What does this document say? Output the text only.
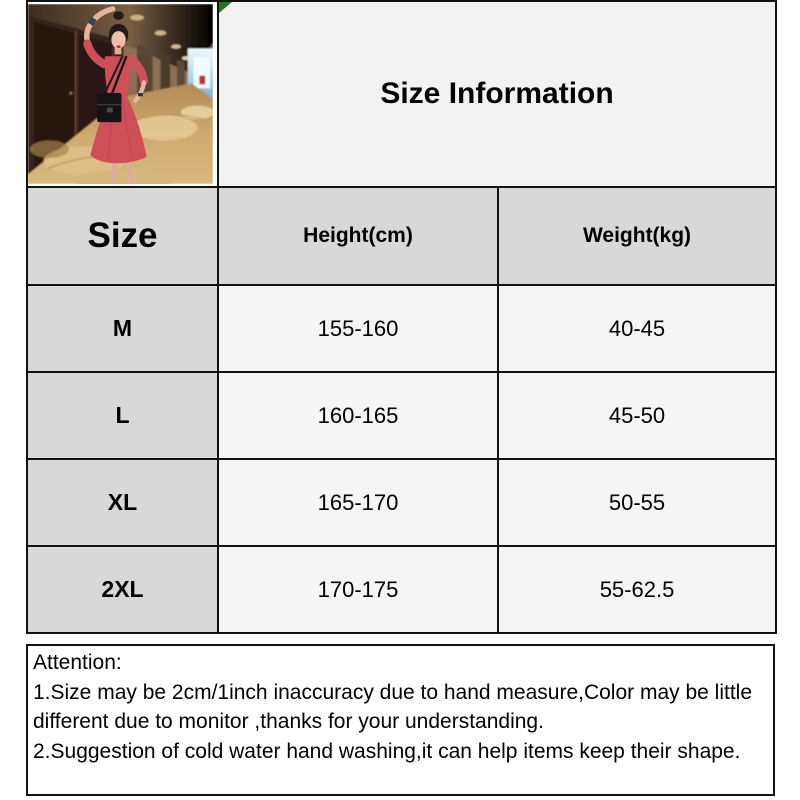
Size Information	
Size	Height(cm)	Weight(kg)
M	155-160	40-45
L	160-165	45-50
XL	165-170	50-55
2XL	170-175	55-62.5

Attention:

1.Size may be 2cm/1inch inaccuracy due to hand measure,Color may be little different due to monitor ,thanks for your understanding.

2.Suggestion of cold water hand washing,it can help items keep their shape.
